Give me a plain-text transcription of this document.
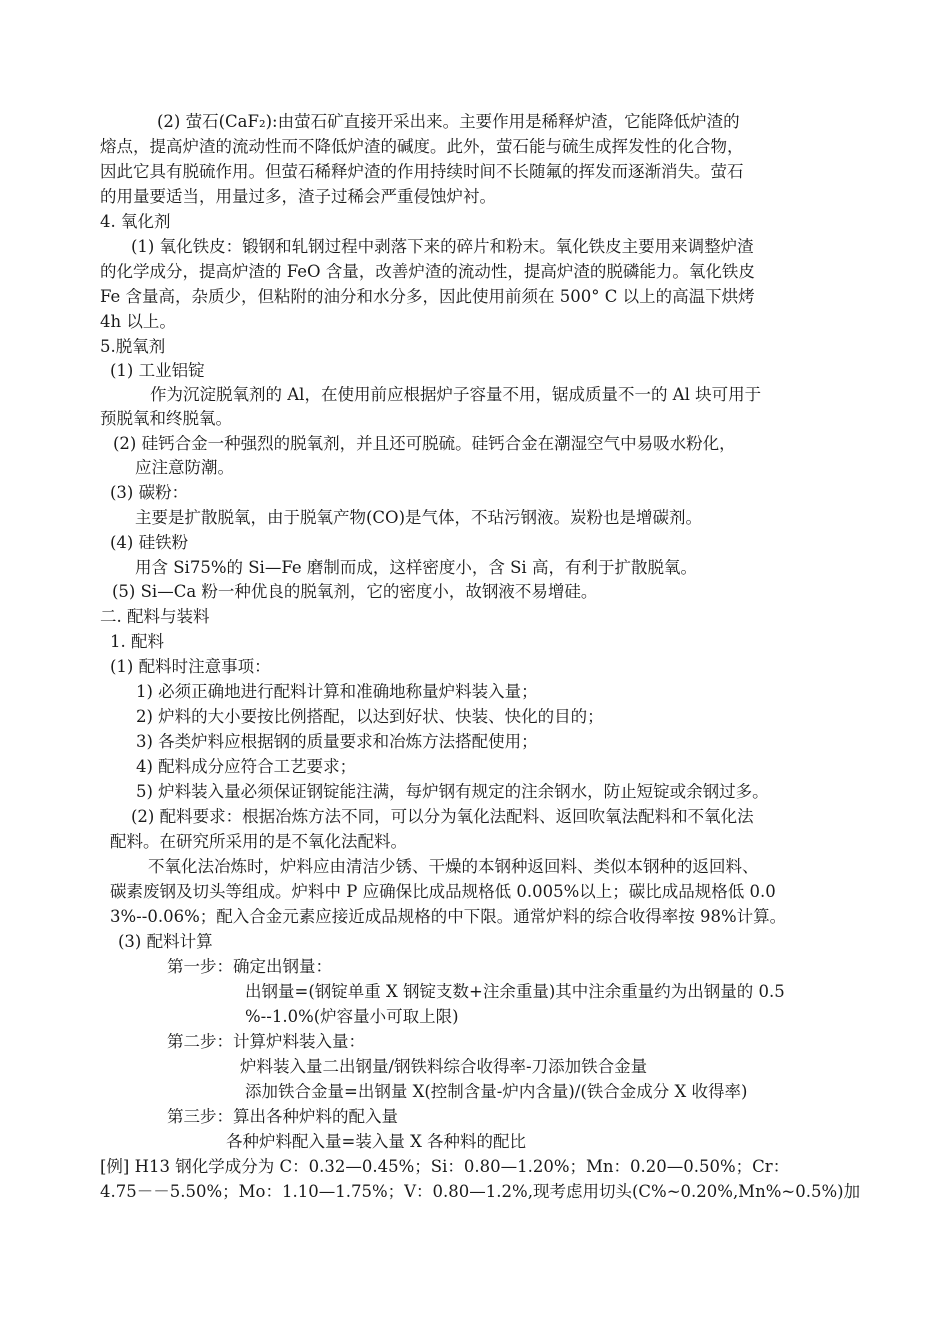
(2) 萤石(CaF₂):由萤石矿直接开采出来。主要作用是稀释炉渣，它能降低炉渣的
熔点，提高炉渣的流动性而不降低炉渣的碱度。此外，萤石能与硫生成挥发性的化合物，
因此它具有脱硫作用。但萤石稀释炉渣的作用持续时间不长随氟的挥发而逐渐消失。萤石
的用量要适当，用量过多，渣子过稀会严重侵蚀炉衬。
4. 氧化剂
(1) 氧化铁皮：锻钢和轧钢过程中剥落下来的碎片和粉末。氧化铁皮主要用来调整炉渣
的化学成分，提高炉渣的 FeO 含量，改善炉渣的流动性，提高炉渣的脱磷能力。氧化铁皮
Fe 含量高，杂质少，但粘附的油分和水分多，因此使用前须在 500° C 以上的高温下烘烤
4h 以上。
5.脱氧剂
(1) 工业铝锭
作为沉淀脱氧剂的 Al，在使用前应根据炉子容量不用，锯成质量不一的 Al 块可用于
预脱氧和终脱氧。
(2) 硅钙合金一种强烈的脱氧剂，并且还可脱硫。硅钙合金在潮湿空气中易吸水粉化，
应注意防潮。
(3) 碳粉：
主要是扩散脱氧，由于脱氧产物(CO)是气体，不玷污钢液。炭粉也是增碳剂。
(4) 硅铁粉
用含 Si75%的 Si—Fe 磨制而成，这样密度小，含 Si 高，有利于扩散脱氧。
(5) Si—Ca 粉一种优良的脱氧剂，它的密度小，故钢液不易增硅。
二. 配料与装料
1. 配料
(1) 配料时注意事项：
1) 必须正确地进行配料计算和准确地称量炉料装入量；
2) 炉料的大小要按比例搭配，以达到好状、快装、快化的目的；
3) 各类炉料应根据钢的质量要求和冶炼方法搭配使用；
4) 配料成分应符合工艺要求；
5) 炉料装入量必须保证钢锭能注满，每炉钢有规定的注余钢水，防止短锭或余钢过多。
(2) 配料要求：根据冶炼方法不同，可以分为氧化法配料、返回吹氧法配料和不氧化法
配料。在研究所采用的是不氧化法配料。
不氧化法冶炼时，炉料应由清洁少锈、干燥的本钢种返回料、类似本钢种的返回料、
碳素废钢及切头等组成。炉料中 P 应确保比成品规格低 0.005%以上；碳比成品规格低 0.0
3%--0.06%；配入合金元素应接近成品规格的中下限。通常炉料的综合收得率按 98%计算。
(3) 配料计算
第一步：确定出钢量：
出钢量=(钢锭单重 X 钢锭支数+注余重量)其中注余重量约为出钢量的 0.5
%--1.0%(炉容量小可取上限)
第二步：计算炉料装入量：
炉料装入量二出钢量/钢铁料综合收得率-刀添加铁合金量
添加铁合金量=出钢量 X(控制含量-炉内含量)/(铁合金成分 X 收得率)
第三步：算出各种炉料的配入量
各种炉料配入量=装入量 X 各种料的配比
[例] H13 钢化学成分为 C：0.32—0.45%；Si：0.80—1.20%；Mn：0.20—0.50%；Cr：
4.75－－5.50%；Mo：1.10—1.75%；V：0.80—1.2%,现考虑用切头(C%~0.20%,Mn%~0.5%)加
